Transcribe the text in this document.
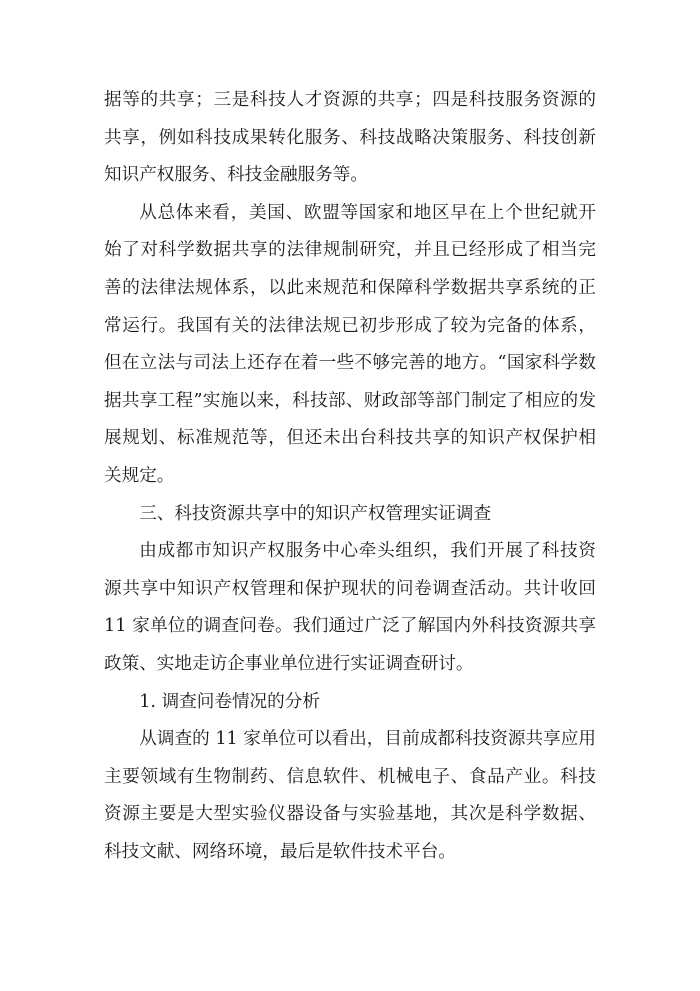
据等的共享；三是科技人才资源的共享；四是科技服务资源的共享，例如科技成果转化服务、科技战略决策服务、科技创新知识产权服务、科技金融服务等。

从总体来看，美国、欧盟等国家和地区早在上个世纪就开始了对科学数据共享的法律规制研究，并且已经形成了相当完善的法律法规体系，以此来规范和保障科学数据共享系统的正常运行。我国有关的法律法规已初步形成了较为完备的体系，但在立法与司法上还存在着一些不够完善的地方。“国家科学数据共享工程”实施以来，科技部、财政部等部门制定了相应的发展规划、标准规范等，但还未出台科技共享的知识产权保护相关规定。

三、科技资源共享中的知识产权管理实证调查

由成都市知识产权服务中心牵头组织，我们开展了科技资源共享中知识产权管理和保护现状的问卷调查活动。共计收回 11 家单位的调查问卷。我们通过广泛了解国内外科技资源共享政策、实地走访企事业单位进行实证调查研讨。

1. 调查问卷情况的分析

从调查的 11 家单位可以看出，目前成都科技资源共享应用主要领域有生物制药、信息软件、机械电子、食品产业。科技资源主要是大型实验仪器设备与实验基地，其次是科学数据、科技文献、网络环境，最后是软件技术平台。
